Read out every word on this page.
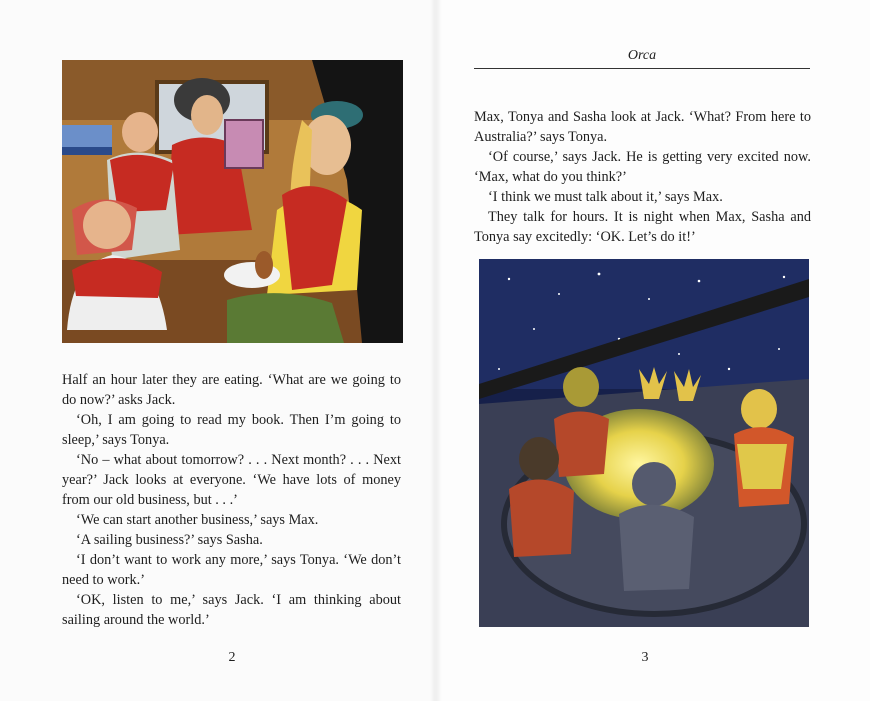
Half an hour later they are eating. ‘What are we going to do now?’ asks Jack.

‘Oh, I am going to read my book. Then I’m going to sleep,’ says Tonya.

‘No – what about tomorrow? . . . Next month? . . . Next year?’ Jack looks at everyone. ‘We have lots of money from our old business, but . . .’

‘We can start another business,’ says Max.

‘A sailing business?’ says Sasha.

‘I don’t want to work any more,’ says Tonya. ‘We don’t need to work.’

‘OK, listen to me,’ says Jack. ‘I am thinking about sailing around the world.’

2
Orca

Max, Tonya and Sasha look at Jack. ‘What? From here to Australia?’ says Tonya.

‘Of course,’ says Jack. He is getting very excited now. ‘Max, what do you think?’

‘I think we must talk about it,’ says Max.

They talk for hours. It is night when Max, Sasha and Tonya say excitedly: ‘OK. Let’s do it!’

3
